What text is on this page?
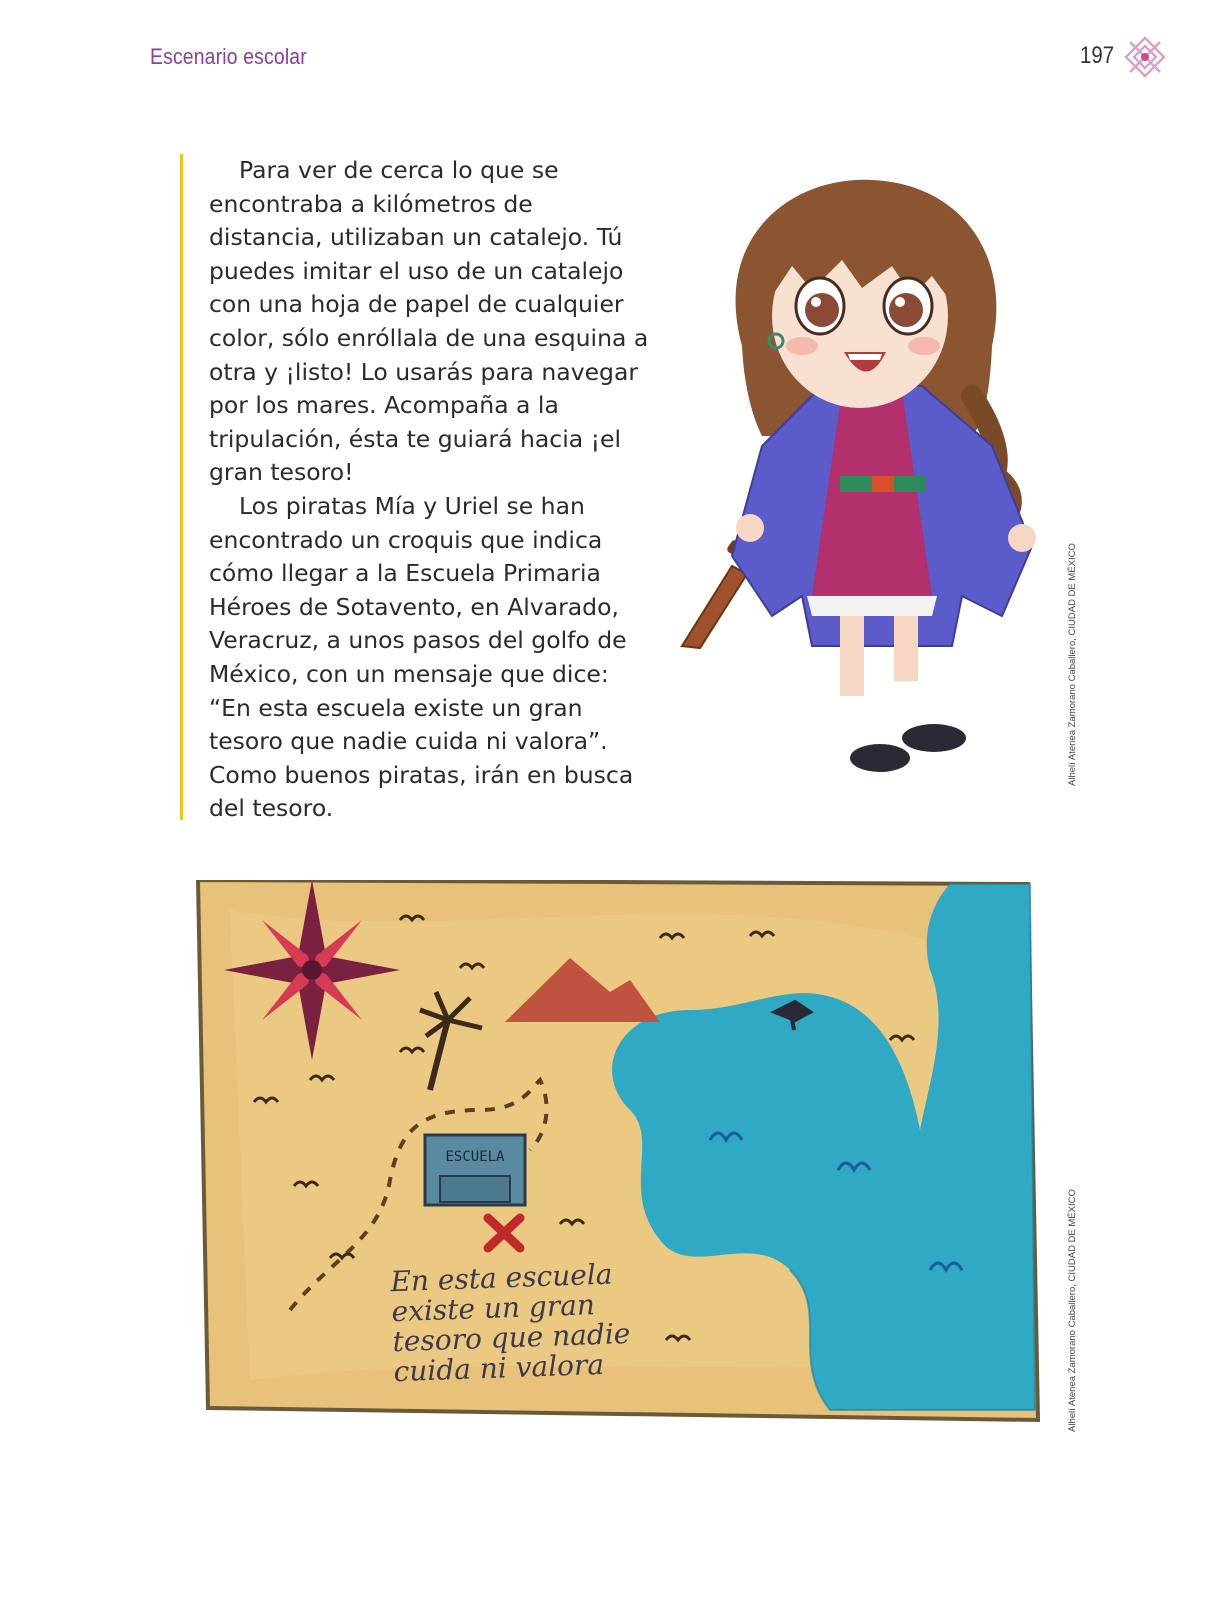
Escenario escolar	197

Para ver de cerca lo que se encontraba a kilómetros de distancia, utilizaban un catalejo. Tú puedes imitar el uso de un catalejo con una hoja de papel de cualquier color, sólo enróllala de una esquina a otra y ¡listo! Lo usarás para navegar por los mares. Acompaña a la tripulación, ésta te guiará hacia ¡el gran tesoro!

Los piratas Mía y Uriel se han encontrado un croquis que indica cómo llegar a la Escuela Primaria Héroes de Sotavento, en Alvarado, Veracruz, a unos pasos del golfo de México, con un mensaje que dice: “En esta escuela existe un gran tesoro que nadie cuida ni valora”. Como buenos piratas, irán en busca del tesoro.

Alhelí Atenea Zamorano Caballero, CIUDAD DE MÉXICO
ESCUELA
En esta escuela
existe un gran
tesoro que nadie
cuida ni valora	Alhelí Atenea Zamorano Caballero, CIUDAD DE MÉXICO
